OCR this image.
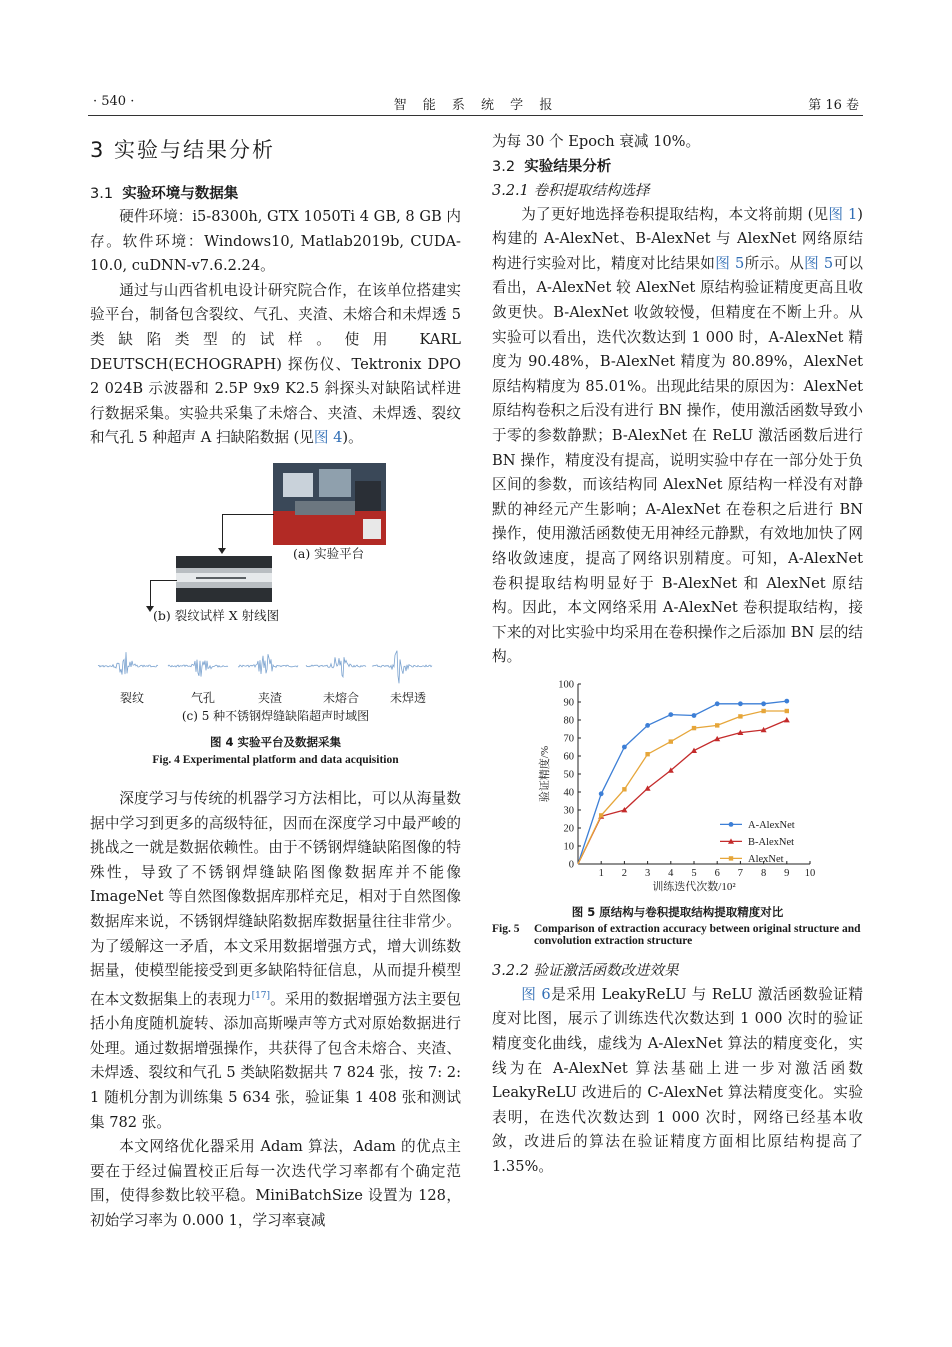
· 540 ·	智 能 系 统 学 报	第 16 卷
3 实验与结果分析
3.1 实验环境与数据集

硬件环境：i5-8300h, GTX 1050Ti 4 GB, 8 GB 内存。软件环境：Windows10, Matlab2019b, CUDA-10.0, cuDNN-v7.6.2.24。

通过与山西省机电设计研究院合作，在该单位搭建实验平台，制备包含裂纹、气孔、夹渣、未熔合和未焊透 5 类缺陷类型的试样。使用 KARL DEUTSCH(ECHOGRAPH) 探伤仪、Tektronix DPO 2 024B 示波器和 2.5P 9x9 K2.5 斜探头对缺陷试样进行数据采集。实验共采集了未熔合、夹渣、未焊透、裂纹和气孔 5 种超声 A 扫缺陷数据 (见图 4)。

(a) 实验平台
(b) 裂纹试样 X 射线图
裂纹	气孔	夹渣	未熔合	未焊透
(c) 5 种不锈钢焊缝缺陷超声时域图
图 4 实验平台及数据采集
Fig. 4 Experimental platform and data acquisition

深度学习与传统的机器学习方法相比，可以从海量数据中学习到更多的高级特征，因而在深度学习中最严峻的挑战之一就是数据依赖性。由于不锈钢焊缝缺陷图像的特殊性，导致了不锈钢焊缝缺陷图像数据库并不能像 ImageNet 等自然图像数据库那样充足，相对于自然图像数据库来说，不锈钢焊缝缺陷数据库数据量往往非常少。为了缓解这一矛盾，本文采用数据增强方式，增大训练数据量，使模型能接受到更多缺陷特征信息，从而提升模型在本文数据集上的表现力[17]。采用的数据增强方法主要包括小角度随机旋转、添加高斯噪声等方式对原始数据进行处理。通过数据增强操作，共获得了包含未熔合、夹渣、未焊透、裂纹和气孔 5 类缺陷数据共 7 824 张，按 7: 2: 1 随机分割为训练集 5 634 张，验证集 1 408 张和测试集 782 张。

本文网络优化器采用 Adam 算法，Adam 的优点主要在于经过偏置校正后每一次迭代学习率都有个确定范围，使得参数比较平稳。MiniBatchSize 设置为 128，初始学习率为 0.000 1，学习率衰减

为每 30 个 Epoch 衰减 10%。

3.2 实验结果分析
3.2.1 卷积提取结构选择

为了更好地选择卷积提取结构，本文将前期 (见图 1) 构建的 A-AlexNet、B-AlexNet 与 AlexNet 网络原结构进行实验对比，精度对比结果如图 5所示。从图 5可以看出，A-AlexNet 较 AlexNet 原结构验证精度更高且收敛更快。B-AlexNet 收敛较慢，但精度在不断上升。从实验可以看出，迭代次数达到 1 000 时，A-AlexNet 精度为 90.48%，B-AlexNet 精度为 80.89%，AlexNet 原结构精度为 85.01%。出现此结果的原因为：AlexNet 原结构卷积之后没有进行 BN 操作，使用激活函数导致小于零的参数静默；B-AlexNet 在 ReLU 激活函数后进行 BN 操作，精度没有提高，说明实验中存在一部分处于负区间的参数，而该结构同 AlexNet 原结构一样没有对静默的神经元产生影响；A-AlexNet 在卷积之后进行 BN 操作，使用激活函数使无用神经元静默，有效地加快了网络收敛速度，提高了网络识别精度。可知，A-AlexNet 卷积提取结构明显好于 B-AlexNet 和 AlexNet 原结构。因此，本文网络采用 A-AlexNet 卷积提取结构，接下来的对比实验中均采用在卷积操作之后添加 BN 层的结构。

0
10
20
30
40
50
60
70
80
90
100
1 2 3 4 5 6 7 8 9 10
训练迭代次数/10²
验证精度/%
A-AlexNet
B-AlexNet
AlexNet
图 5 原结构与卷积提取结构提取精度对比
Fig. 5	Comparison of extraction accuracy between original structure and convolution extraction structure
3.2.2 验证激活函数改进效果

图 6是采用 LeakyReLU 与 ReLU 激活函数验证精度对比图，展示了训练迭代次数达到 1 000 次时的验证精度变化曲线，虚线为 A-AlexNet 算法的精度变化，实线为在 A-AlexNet 算法基础上进一步对激活函数 LeakyReLU 改进后的 C-AlexNet 算法精度变化。实验表明，在迭代次数达到 1 000 次时，网络已经基本收敛，改进后的算法在验证精度方面相比原结构提高了 1.35%。
